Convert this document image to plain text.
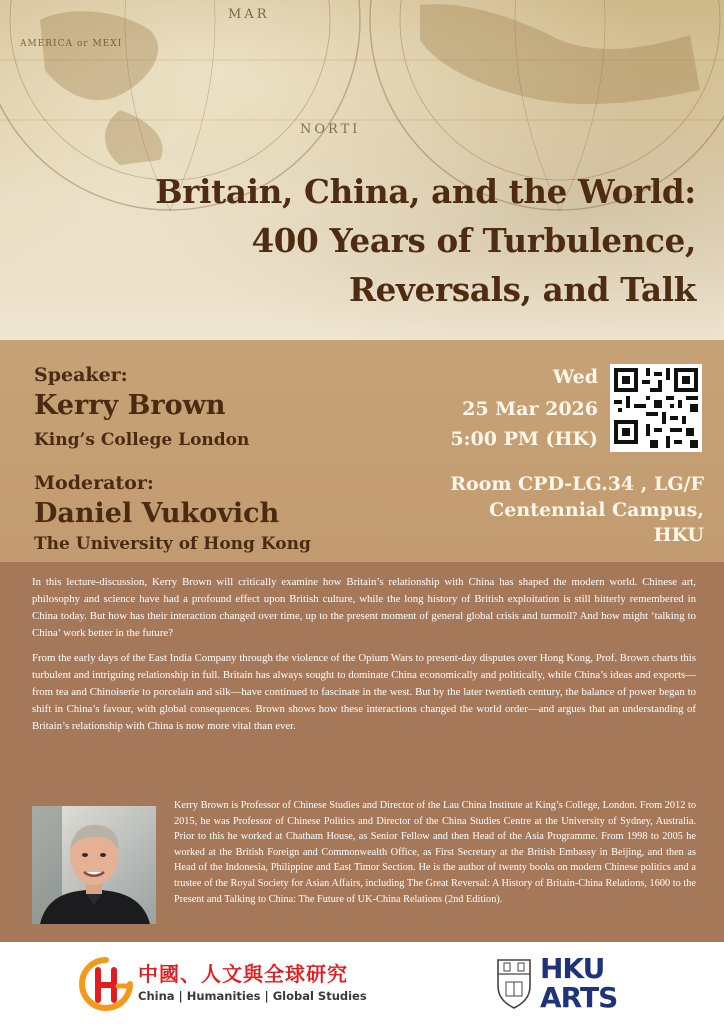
MAR
AMERICA or MEXI
NORTI
Britain, China, and the World:
400 Years of Turbulence,
Reversals, and Talk
Speaker:
Kerry Brown
King’s College London
Moderator:
Daniel Vukovich
The University of Hong Kong
Wed
25 Mar 2026
5:00 PM (HK)
Room CPD-LG.34 , LG/F
Centennial Campus,
HKU

In this lecture-discussion, Kerry Brown will critically examine how Britain’s relationship with China has shaped the modern world. Chinese art, philosophy and science have had a profound effect upon British culture, while the long history of British exploitation is still bitterly remembered in China today. But how has their interaction changed over time, up to the present moment of general global crisis and turmoil? And how might ‘talking to China’ work better in the future?

From the early days of the East India Company through the violence of the Opium Wars to present-day disputes over Hong Kong, Prof. Brown charts this turbulent and intriguing relationship in full. Britain has always sought to dominate China economically and politically, while China’s ideas and exports—from tea and Chinoiserie to porcelain and silk—have continued to fascinate in the west. But by the later twentieth century, the balance of power began to shift in China’s favour, with global consequences. Brown shows how these interactions changed the world order—and argues that an understanding of Britain’s relationship with China is now more vital than ever.

Kerry Brown is Professor of Chinese Studies and Director of the Lau China Institute at King’s College, London. From 2012 to 2015, he was Professor of Chinese Politics and Director of the China Studies Centre at the University of Sydney, Australia. Prior to this he worked at Chatham House, as Senior Fellow and then Head of the Asia Programme. From 1998 to 2005 he worked at the British Foreign and Commonwealth Office, as First Secretary at the British Embassy in Beijing, and then as Head of the Indonesia, Philippine and East Timor Section. He is the author of twenty books on modern Chinese politics and a trustee of the Royal Society for Asian Affairs, including The Great Reversal: A History of Britain-China Relations, 1600 to the Present and Talking to China: The Future of UK-China Relations (2nd Edition).

中國、人文與全球研究
China | Humanities | Global Studies
HKU
ARTS
